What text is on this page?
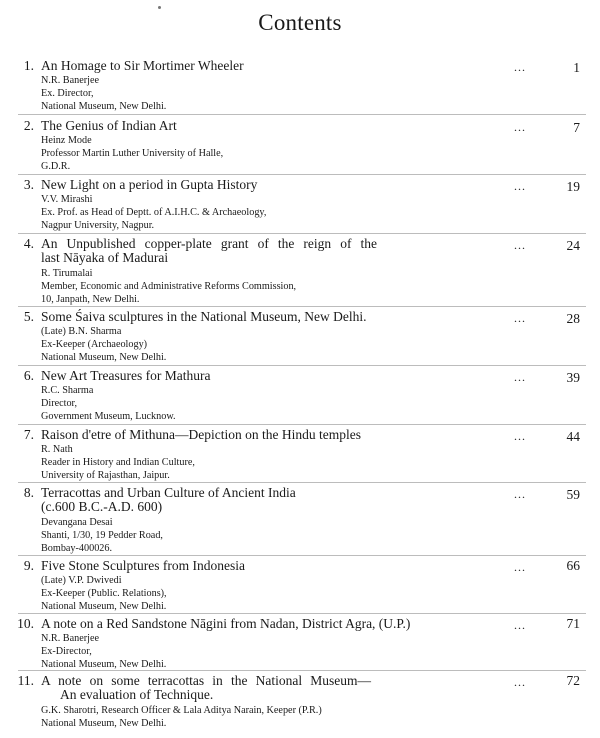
Contents
1. An Homage to Sir Mortimer Wheeler
N.R. Banerjee
Ex. Director,
National Museum, New Delhi.
...	1
2. The Genius of Indian Art
Heinz Mode
Professor Martin Luther University of Halle,
G.D.R.
...	7
3. New Light on a period in Gupta History
V.V. Mirashi
Ex. Prof. as Head of Deptt. of A.I.H.C. & Archaeology,
Nagpur University, Nagpur.
...	19
4. An Unpublished copper-plate grant of the reign of the
last Nāyaka of Madurai
R. Tirumalai
Member, Economic and Administrative Reforms Commission,
10, Janpath, New Delhi.
...	24
5. Some Śaiva sculptures in the National Museum, New Delhi.
(Late) B.N. Sharma
Ex-Keeper (Archaeology)
National Museum, New Delhi.
...	28
6. New Art Treasures for Mathura
R.C. Sharma
Director,
Government Museum, Lucknow.
...	39
7. Raison d'etre of Mithuna—Depiction on the Hindu temples
R. Nath
Reader in History and Indian Culture,
University of Rajasthan, Jaipur.
...	44
8. Terracottas and Urban Culture of Ancient India
(c.600 B.C.-A.D. 600)
Devangana Desai
Shanti, 1/30, 19 Pedder Road,
Bombay-400026.
...	59
9. Five Stone Sculptures from Indonesia
(Late) V.P. Dwivedi
Ex-Keeper (Public. Relations),
National Museum, New Delhi.
...	66
10. A note on a Red Sandstone Nāgini from Nadan, District Agra, (U.P.)
N.R. Banerjee
Ex-Director,
National Museum, New Delhi.
...	71
11. A note on some terracottas in the National Museum—
An evaluation of Technique.
G.K. Sharotri, Research Officer & Lala Aditya Narain, Keeper (P.R.)
National Museum, New Delhi.
...	72
